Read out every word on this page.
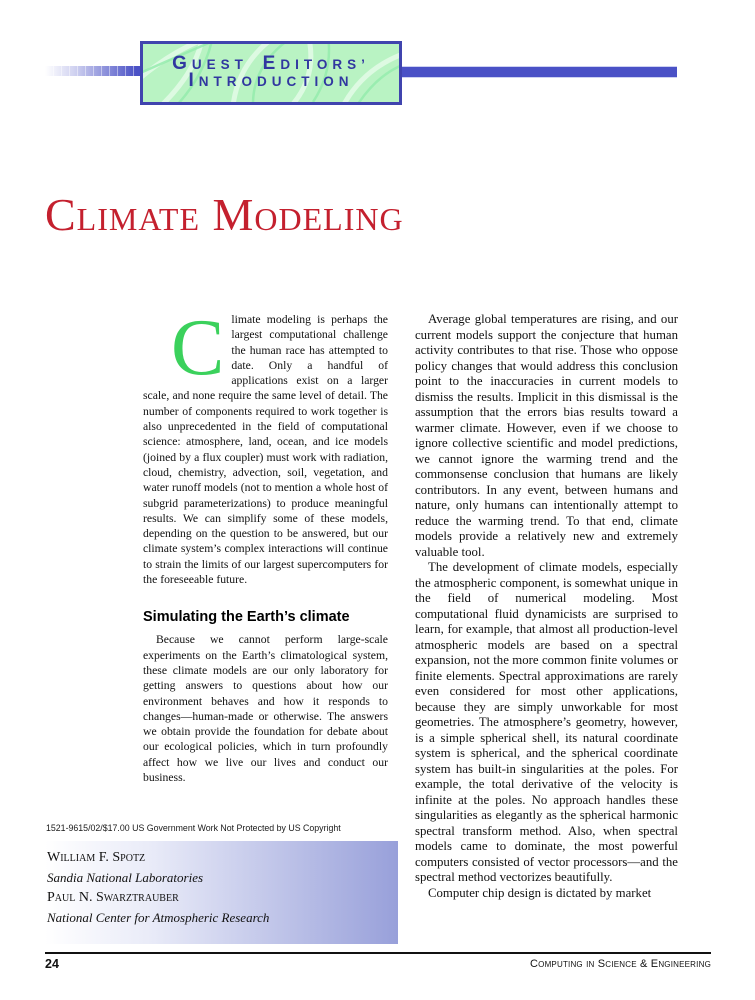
GUEST EDITORS’
INTRODUCTION
Climate Modeling

Climate modeling is perhaps the largest computational challenge the human race has attempted to date. Only a handful of applications exist on a larger scale, and none require the same level of detail. The number of components required to work together is also unprecedented in the field of computational science: atmosphere, land, ocean, and ice models (joined by a flux coupler) must work with radiation, cloud, chemistry, advection, soil, vegetation, and water runoff models (not to mention a whole host of subgrid parameterizations) to produce meaningful results. We can simplify some of these models, depending on the question to be answered, but our climate system’s complex interactions will continue to strain the limits of our largest supercomputers for the foreseeable future.

Simulating the Earth’s climate

Because we cannot perform large-scale experiments on the Earth’s climatological system, these climate models are our only laboratory for getting answers to questions about how our environment behaves and how it responds to changes—human-made or otherwise. The answers we obtain provide the foundation for debate about our ecological policies, which in turn profoundly affect how we live our lives and conduct our business.

Average global temperatures are rising, and our current models support the conjecture that human activity contributes to that rise. Those who oppose policy changes that would address this conclusion point to the inaccuracies in current models to dismiss the results. Implicit in this dismissal is the assumption that the errors bias results toward a warmer climate. However, even if we choose to ignore collective scientific and model predictions, we cannot ignore the warming trend and the commonsense conclusion that humans are likely contributors. In any event, between humans and nature, only humans can intentionally attempt to reduce the warming trend. To that end, climate models provide a relatively new and extremely valuable tool.

The development of climate models, especially the atmospheric component, is somewhat unique in the field of numerical modeling. Most computational fluid dynamicists are surprised to learn, for example, that almost all production-level atmospheric models are based on a spectral expansion, not the more common finite volumes or finite elements. Spectral approximations are rarely even considered for most other applications, because they are simply unworkable for most geometries. The atmosphere’s geometry, however, is a simple spherical shell, its natural coordinate system is spherical, and the spherical coordinate system has built-in singularities at the poles. For example, the total derivative of the velocity is infinite at the poles. No approach handles these singularities as elegantly as the spherical harmonic spectral transform method. Also, when spectral models came to dominate, the most powerful computers consisted of vector processors—and the spectral method vectorizes beautifully.

Computer chip design is dictated by market

1521-9615/02/$17.00 US Government Work Not Protected by US Copyright
William F. Spotz
Sandia National Laboratories
Paul N. Swarztrauber
National Center for Atmospheric Research
24	Computing in Science & Engineering
